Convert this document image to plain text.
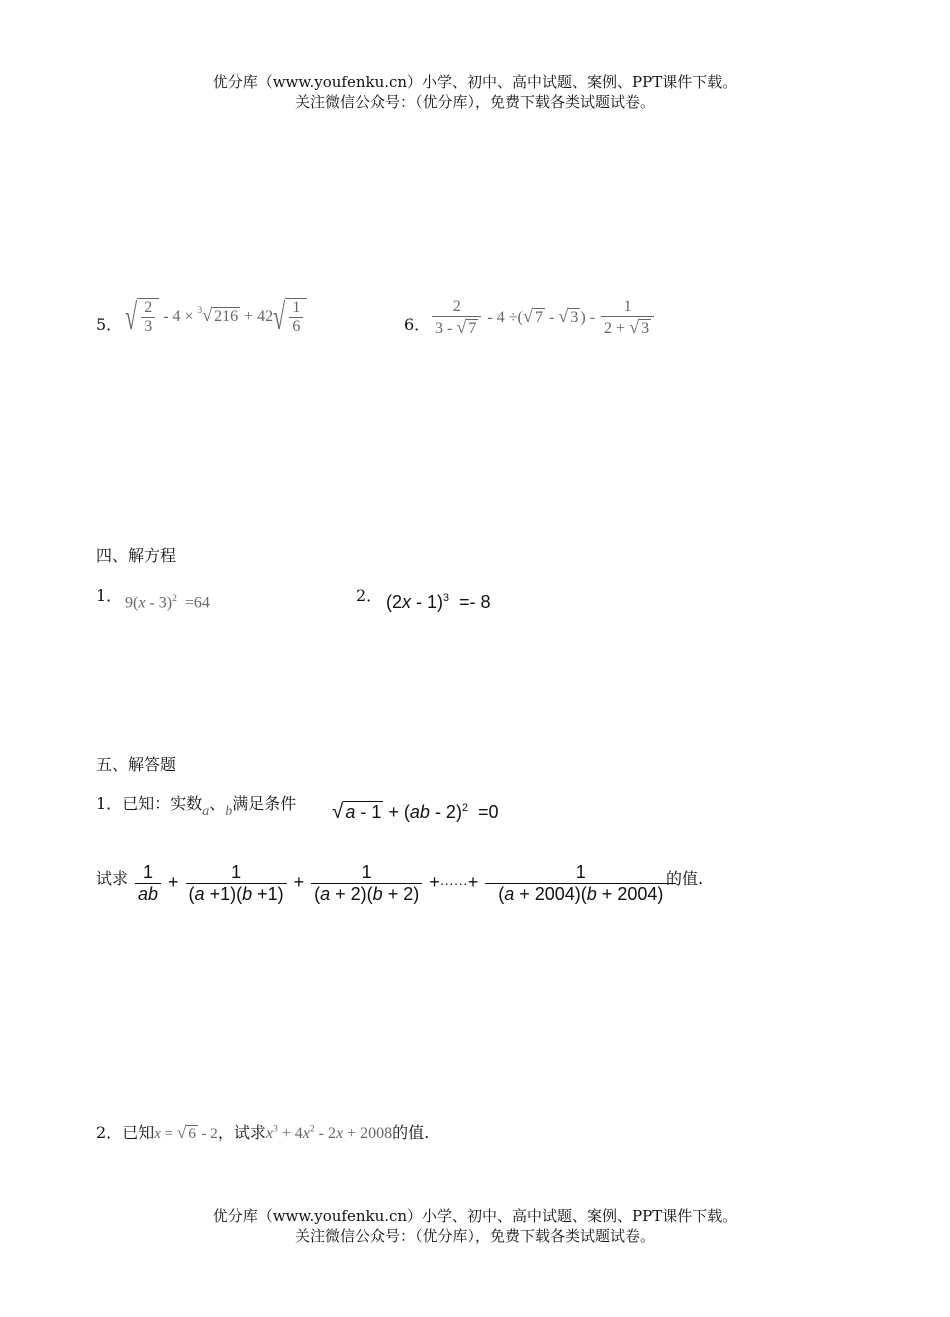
优分库（www.youfenku.cn）小学、初中、高中试题、案例、PPT课件下载。
关注微信公众号：（优分库），免费下载各类试题试卷。
5． √ $\frac{2}{3} - 4 \times ^3√$ $216 + 42√ \frac{1}{6}$	6． $\frac{2}{3 - √ 7} - 4$ ÷(√ 7 - √ 3 ) - $\frac{1}{2 + √ 3}$
四、解方程
1． 9(x - 3)$^2$  =64	2． (2x - 1)$^3$  =- 8
五、解答题
1．已知：实数a、b满足条件 √ a - 1 + (ab - 2)$^2$  =0
试求 $\frac{1}{ab} + \frac{1}{(a +1)(b +1)} + \frac{1}{(a + 2)(b + 2)}$ +······+ $\frac{1}{(a + 2004)(b + 2004)}$
的值.
2．已知x = √ 6 - 2，试求$x^3 + 4x^2 - 2x + 2008$的值.
优分库（www.youfenku.cn）小学、初中、高中试题、案例、PPT课件下载。
关注微信公众号：（优分库），免费下载各类试题试卷。
